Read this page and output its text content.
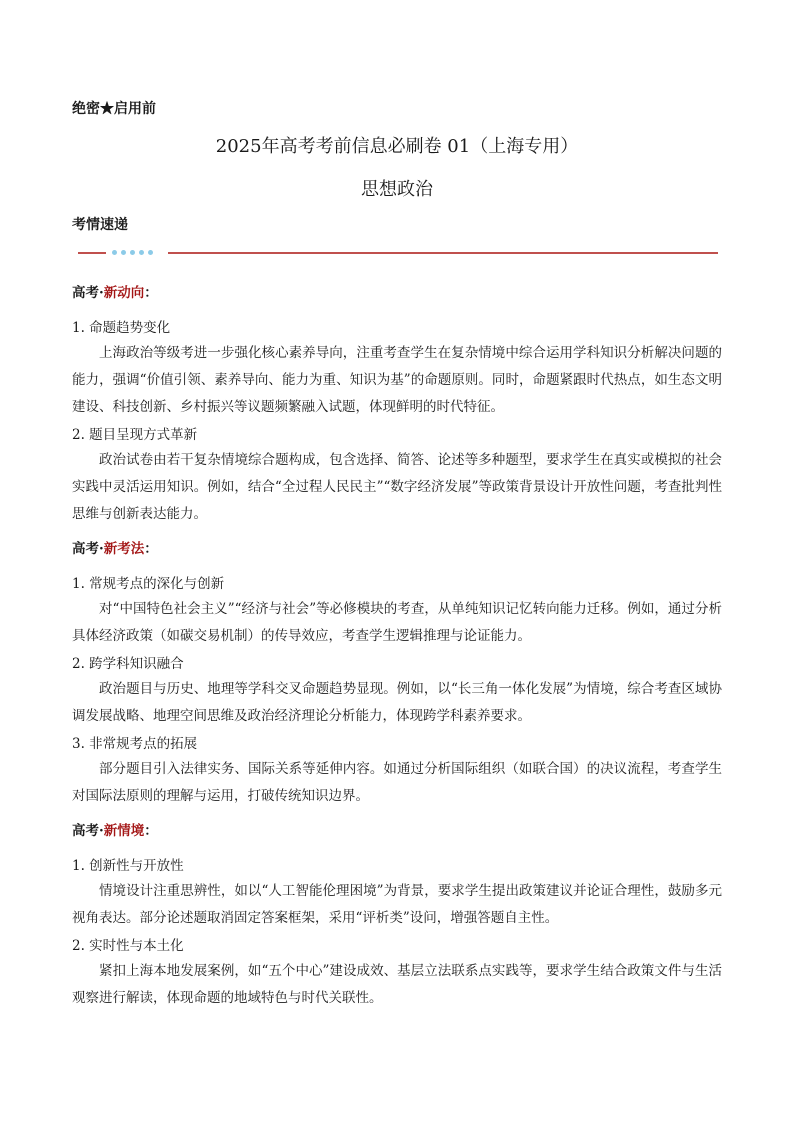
绝密★启用前
2025年高考考前信息必刷卷 01（上海专用）
思想政治
考情速递
高考·新动向：
1. 命题趋势变化
上海政治等级考进一步强化核心素养导向，注重考查学生在复杂情境中综合运用学科知识分析解决问题的能力，强调“价值引领、素养导向、能力为重、知识为基”的命题原则。同时，命题紧跟时代热点，如生态文明建设、科技创新、乡村振兴等议题频繁融入试题，体现鲜明的时代特征。
2. 题目呈现方式革新
政治试卷由若干复杂情境综合题构成，包含选择、简答、论述等多种题型，要求学生在真实或模拟的社会实践中灵活运用知识。例如，结合“全过程人民民主”“数字经济发展”等政策背景设计开放性问题，考查批判性思维与创新表达能力。
高考·新考法：
1. 常规考点的深化与创新
对“中国特色社会主义”“经济与社会”等必修模块的考查，从单纯知识记忆转向能力迁移。例如，通过分析具体经济政策（如碳交易机制）的传导效应，考查学生逻辑推理与论证能力。
2. 跨学科知识融合
政治题目与历史、地理等学科交叉命题趋势显现。例如，以“长三角一体化发展”为情境，综合考查区域协调发展战略、地理空间思维及政治经济理论分析能力，体现跨学科素养要求。
3. 非常规考点的拓展
部分题目引入法律实务、国际关系等延伸内容。如通过分析国际组织（如联合国）的决议流程，考查学生对国际法原则的理解与运用，打破传统知识边界。
高考·新情境：
1. 创新性与开放性
情境设计注重思辨性，如以“人工智能伦理困境”为背景，要求学生提出政策建议并论证合理性，鼓励多元视角表达。部分论述题取消固定答案框架，采用“评析类”设问，增强答题自主性。
2. 实时性与本土化
紧扣上海本地发展案例，如“五个中心”建设成效、基层立法联系点实践等，要求学生结合政策文件与生活观察进行解读，体现命题的地域特色与时代关联性。
